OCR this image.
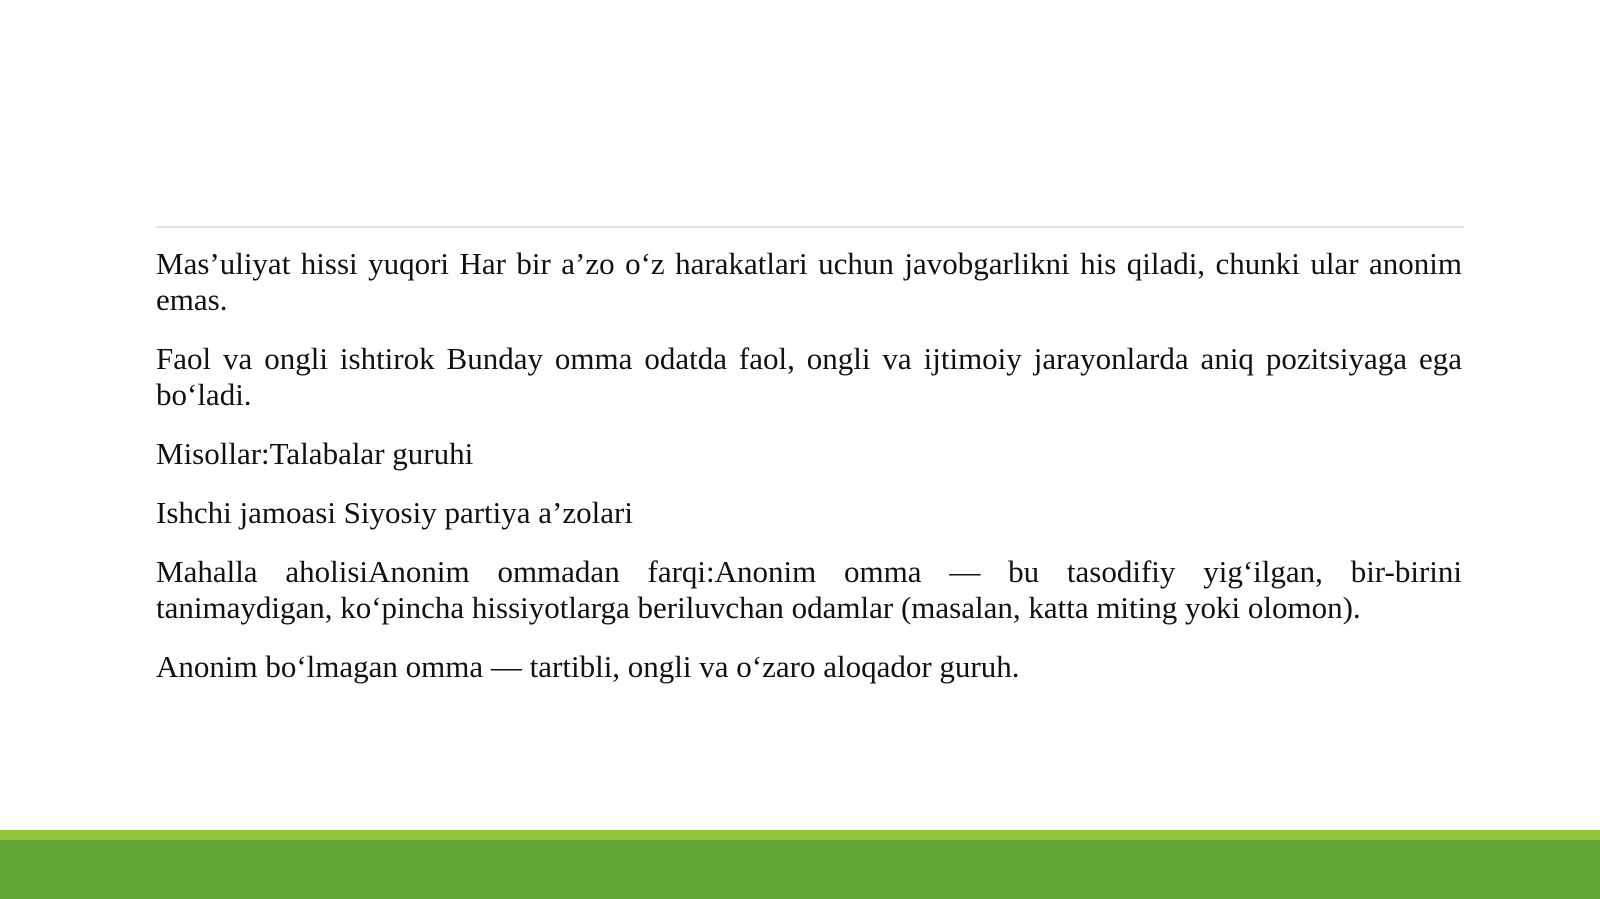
Mas’uliyat hissi yuqori Har bir a’zo o‘z harakatlari uchun javobgarlikni his qiladi, chunki ular anonim emas.

Faol va ongli ishtirok Bunday omma odatda faol, ongli va ijtimoiy jarayonlarda aniq pozitsiyaga ega bo‘ladi.

Misollar:Talabalar guruhi

Ishchi jamoasi Siyosiy partiya a’zolari

Mahalla aholisiAnonim ommadan farqi:Anonim omma — bu tasodifiy yig‘ilgan, bir-birini tanimaydigan, ko‘pincha hissiyotlarga beriluvchan odamlar (masalan, katta miting yoki olomon).

Anonim bo‘lmagan omma — tartibli, ongli va o‘zaro aloqador guruh.
